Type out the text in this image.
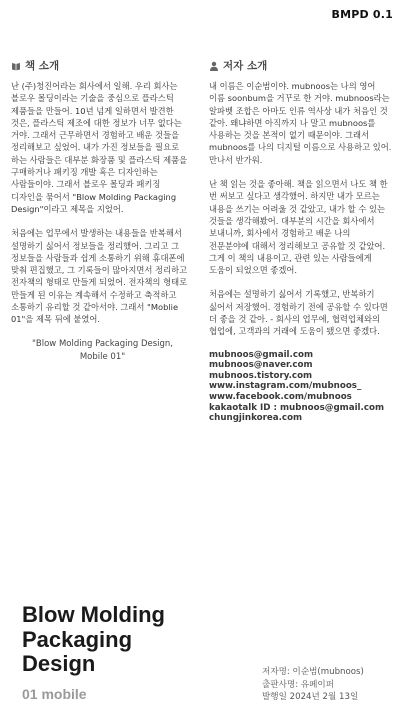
BMPD 0.1
책 소개

난 (주)청진어라는 회사에서 일해. 우리 회사는 블로우 몰딩이라는 기술을 중심으로 플라스틱 제품들을 만들어. 10년 넘게 일하면서 발견한 것은, 플라스틱 제조에 대한 정보가 너무 없다는 거야. 그래서 근무하면서 경험하고 배운 것들을 정리해보고 싶었어. 내가 가진 정보들을 필요로 하는 사람들은 대부분 화장품 및 플라스틱 제품을 구매하거나 패키징 개발 혹은 디자인하는 사람들이야. 그래서 블로우 몰딩과 패키징 디자인을 묶어서 "Blow Molding Packaging Design"이라고 제목을 지었어.

처음에는 업무에서 발생하는 내용들을 반복해서 설명하기 싫어서 정보들을 정리했어. 그리고 그 정보들을 사람들과 쉽게 소통하기 위해 휴대폰에 맞춰 편집했고, 그 기록들이 많아지면서 정리하고 전자책의 형태로 만들게 되었어. 전자책의 형태로 만들게 된 이유는 계속해서 수정하고 축적하고 소통하기 유리할 것 같아서야. 그래서 "Moblie 01"을 제목 뒤에 붙였어.

"Blow Molding Packaging Design,
Mobile 01"
저자 소개

내 이름은 이순범이야. mubnoos는 나의 영어 이름 soonbum을 거꾸로 한 거야. mubnoos라는 알파벳 조합은 아마도 인류 역사상 내가 처음인 것 같아. 왜냐하면 아직까지 나 말고 mubnoos를 사용하는 것을 본적이 없기 때문이야. 그래서 mubnoos를 나의 디지털 이름으로 사용하고 있어. 만나서 반가워.

난 책 읽는 것을 좋아해. 책을 읽으면서 나도 책 한 번 써보고 싶다고 생각했어. 하지만 내가 모르는 내용을 쓰기는 어려울 것 같았고, 내가 할 수 있는 것들을 생각해봤어. 대부분의 시간을 회사에서 보내니까, 회사에서 경험하고 배운 나의 전문분야에 대해서 정리해보고 공유할 것 같았어. 그게 이 책의 내용이고, 관련 있는 사람들에게 도움이 되었으면 좋겠어.

처음에는 설명하기 싫어서 기록했고, 반복하기 싫어서 저장했어. 경험하기 전에 공유할 수 있다면 더 좋을 것 같아. - 회사의 업무에, 협력업체와의 협업에, 고객과의 거래에 도움이 됐으면 좋겠다.

mubnoos@gmail.com
mubnoos@naver.com
mubnoos.tistory.com
www.instagram.com/mubnoos_
www.facebook.com/mubnoos
kakaotalk ID : mubnoos@gmail.com
chungjinkorea.com
Blow Molding
Packaging
Design
01 mobile
저자명: 이순범(mubnoos)
출판사명: 유페이퍼
발행일 2024년 2월 13일
